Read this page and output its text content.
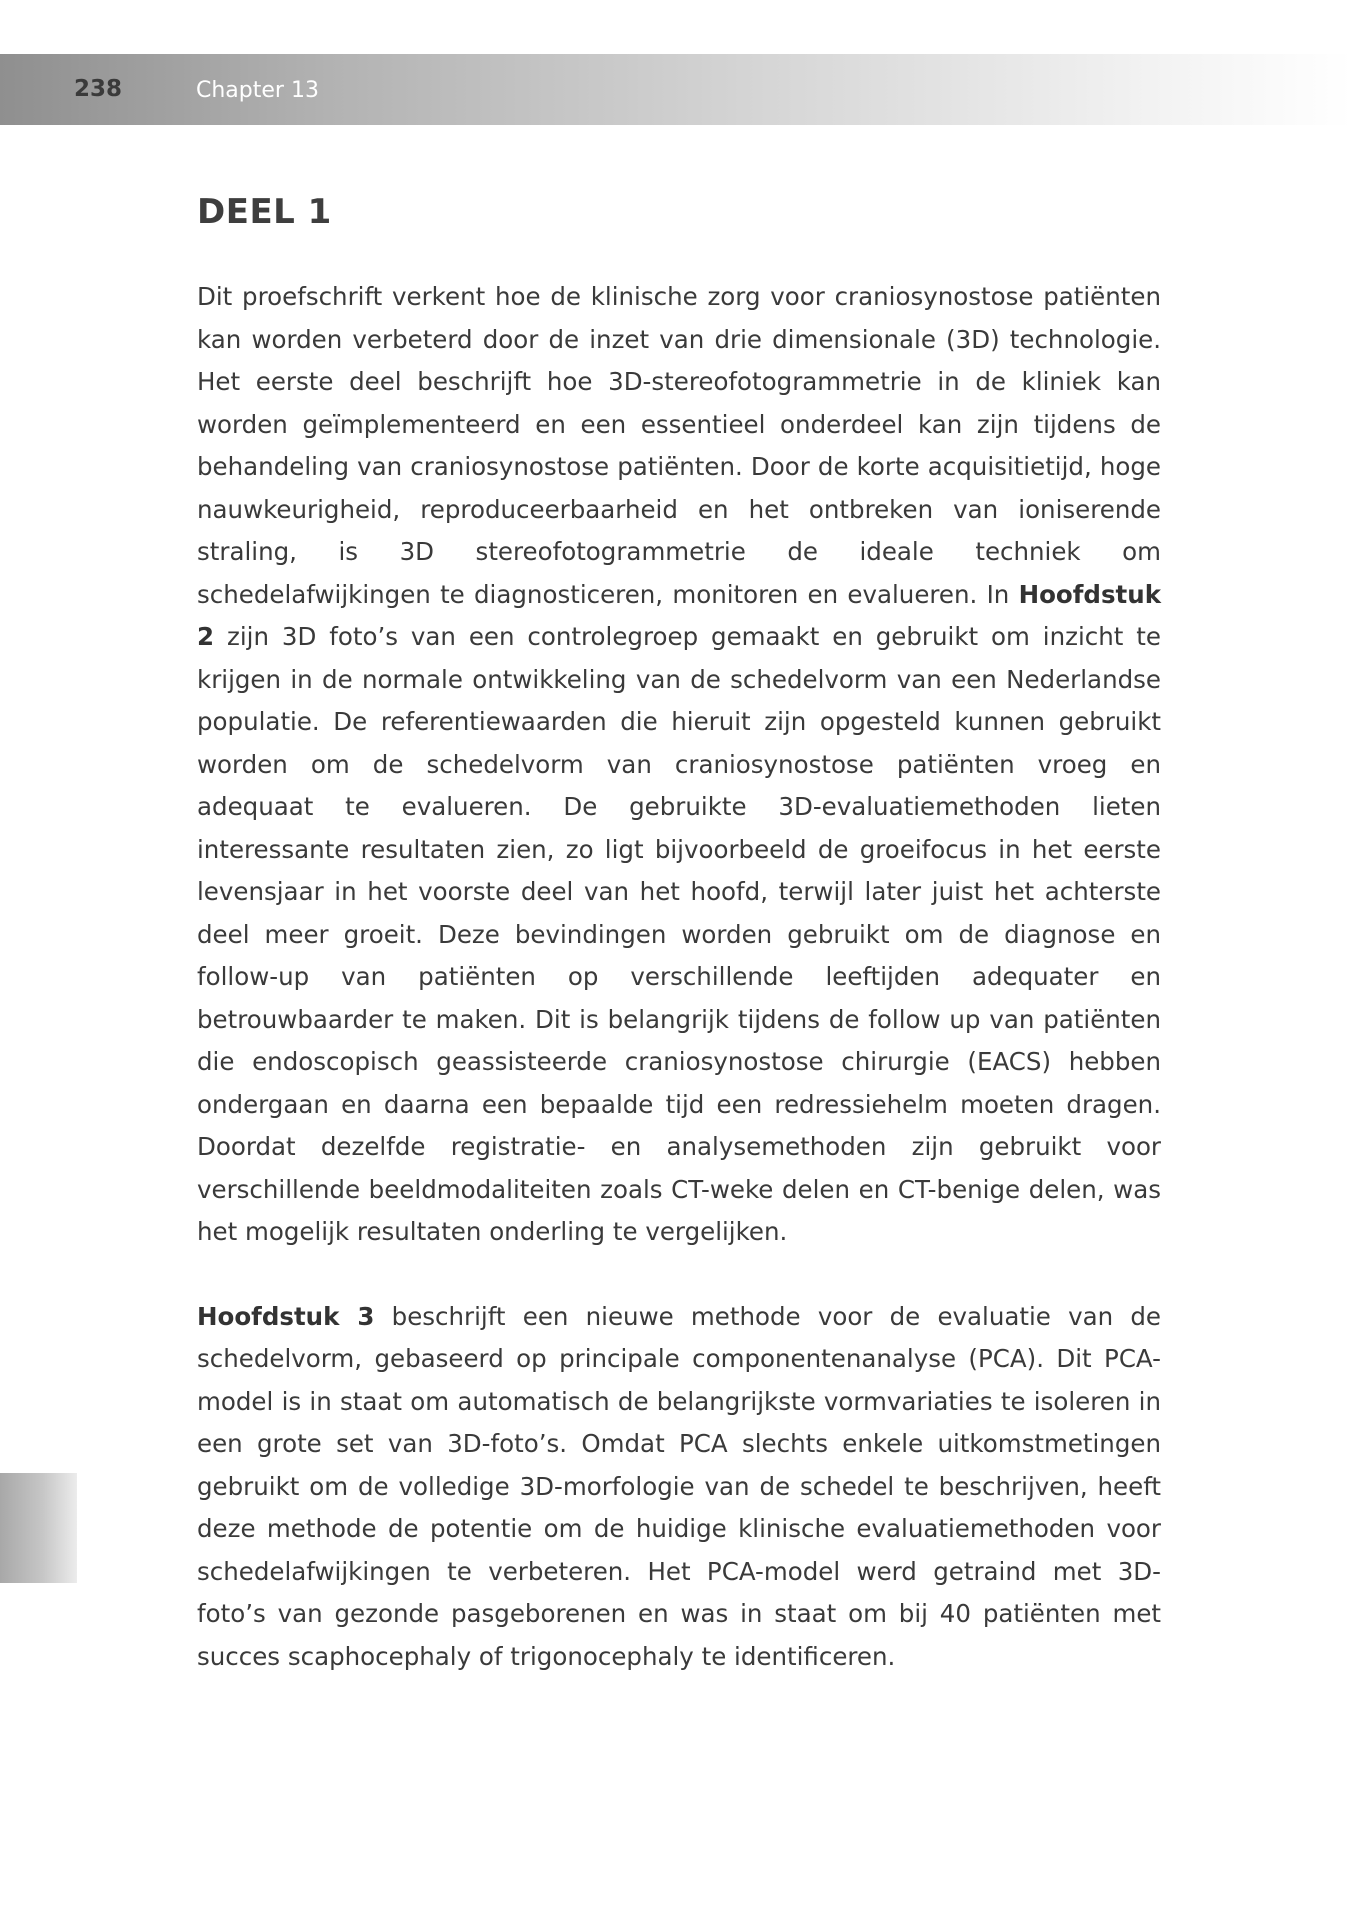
238	Chapter 13
DEEL 1

Dit proefschrift verkent hoe de klinische zorg voor craniosynostose patiënten kan worden verbeterd door de inzet van drie dimensionale (3D) technologie. Het eerste deel beschrijft hoe 3D-stereofotogrammetrie in de kliniek kan worden geïmplementeerd en een essentieel onderdeel kan zijn tijdens de behandeling van craniosynostose patiënten. Door de korte acquisitietijd, hoge nauwkeurigheid, reproduceerbaarheid en het ontbreken van ioniserende straling, is 3D stereofotogrammetrie de ideale techniek om schedelafwijkingen te diagnosticeren, monitoren en evalueren. In Hoofdstuk 2 zijn 3D foto’s van een controlegroep gemaakt en gebruikt om inzicht te krijgen in de normale ontwikkeling van de schedelvorm van een Nederlandse populatie. De referentiewaarden die hieruit zijn opgesteld kunnen gebruikt worden om de schedelvorm van craniosynostose patiënten vroeg en adequaat te evalueren. De gebruikte 3D-evaluatiemethoden lieten interessante resultaten zien, zo ligt bijvoorbeeld de groeifocus in het eerste levensjaar in het voorste deel van het hoofd, terwijl later juist het achterste deel meer groeit. Deze bevindingen worden gebruikt om de diagnose en follow-up van patiënten op verschillende leeftijden adequater en betrouwbaarder te maken. Dit is belangrijk tijdens de follow up van patiënten die endoscopisch geassisteerde craniosynostose chirurgie (EACS) hebben ondergaan en daarna een bepaalde tijd een redressiehelm moeten dragen. Doordat dezelfde registratie- en analysemethoden zijn gebruikt voor verschillende beeldmodaliteiten zoals CT-weke delen en CT-benige delen, was het mogelijk resultaten onderling te vergelijken.

Hoofdstuk 3 beschrijft een nieuwe methode voor de evaluatie van de schedelvorm, gebaseerd op principale componentenanalyse (PCA). Dit PCA-model is in staat om automatisch de belangrijkste vormvariaties te isoleren in een grote set van 3D-foto’s. Omdat PCA slechts enkele uitkomstmetingen gebruikt om de volledige 3D-morfologie van de schedel te beschrijven, heeft deze methode de potentie om de huidige klinische evaluatiemethoden voor schedelafwijkingen te verbeteren. Het PCA-model werd getraind met 3D-foto’s van gezonde pasgeborenen en was in staat om bij 40 patiënten met succes scaphocephaly of trigonocephaly te identificeren.
